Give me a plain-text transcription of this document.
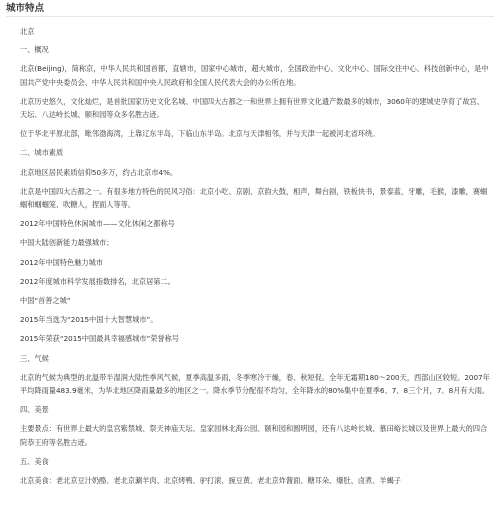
城市特点
北京
一、概况
北京(Beijing)，简称京，中华人民共和国首都，直辖市，国家中心城市，超大城市，全国政治中心、文化中心、国际交往中心、科技创新中心，是中国共产党中央委员会、中华人民共和国中央人民政府和全国人民代表大会的办公所在地。
北京历史悠久，文化灿烂，是首批国家历史文化名城、中国四大古都之一和世界上拥有世界文化遗产数最多的城市，3060年的建城史孕育了故宫、天坛、八达岭长城、颐和园等众多名胜古迹。
位于华北平原北部，毗邻渤海湾，上靠辽东半岛，下临山东半岛。北京与天津相邻，并与天津一起被河北省环绕。
二、城市素质
北京地区居民素质信仰50多万，约占北京市4%。
北京是中国四大古都之一。有很多地方特色的民风习俗：北京小吃、京剧、京韵大鼓，相声，舞台剧，铁板快书，景泰蓝，牙雕，毛猴，漆雕，赛蝈蝈和蝈蝈笼、吹糖人，捏面人等等。
2012年中国特色休闲城市——文化休闲之都称号
中国大陆创新能力最强城市；
2012年中国特色魅力城市
2012年度城市科学发展指数排名，北京居第二。
中国“首善之城”
2015年当选为“2015中国十大智慧城市”。
2015年荣获“2015中国最具幸福感城市”荣誉称号
三、气候
北京的气候为典型的北温带半湿润大陆性季风气候，夏季高温多雨，冬季寒冷干燥，春、秋短促。全年无霜期180～200天，西部山区较短。2007年平均降雨量483.9毫米，为华北地区降雨量最多的地区之一。降水季节分配很不均匀，全年降水的80%集中在夏季6、7、8三个月，7、8月有大雨。
四、美景
主要景点：有世界上最大的皇宫紫禁城、祭天神庙天坛、皇家园林北海公园、颐和园和圆明园，还有八达岭长城、慕田峪长城以及世界上最大的四合院恭王府等名胜古迹。
五、美食
北京美食：老北京豆汁奶酪、老北京涮羊肉、北京烤鸭、驴打滚、豌豆黄、老北京炸酱面、糖耳朵、爆肚、卤煮、羊蝎子
